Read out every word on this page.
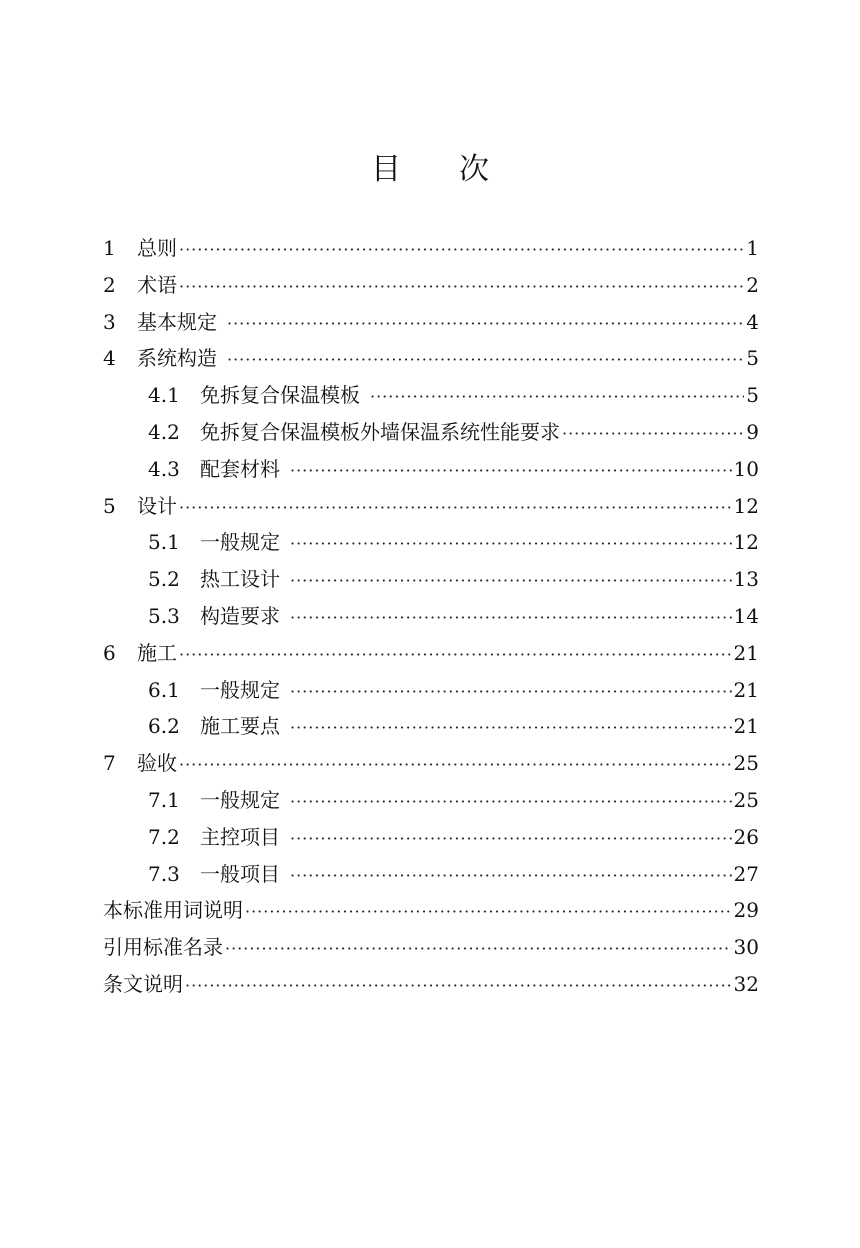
目 次
1	总则 ·····	1
2	术语 ·····	2
3	基本规定 ·····	4
4	系统构造 ·····	5
4.1	免拆复合保温模板 ·····	5
4.2	免拆复合保温模板外墙保温系统性能要求 ·····	9
4.3	配套材料 ·····	10
5	设计 ·····	12
5.1	一般规定 ·····	12
5.2	热工设计 ·····	13
5.3	构造要求 ·····	14
6	施工 ·····	21
6.1	一般规定 ·····	21
6.2	施工要点 ·····	21
7	验收 ·····	25
7.1	一般规定 ·····	25
7.2	主控项目 ·····	26
7.3	一般项目 ·····	27
本标准用词说明 ·····	29
引用标准名录 ·····	30
条文说明 ·····	32
